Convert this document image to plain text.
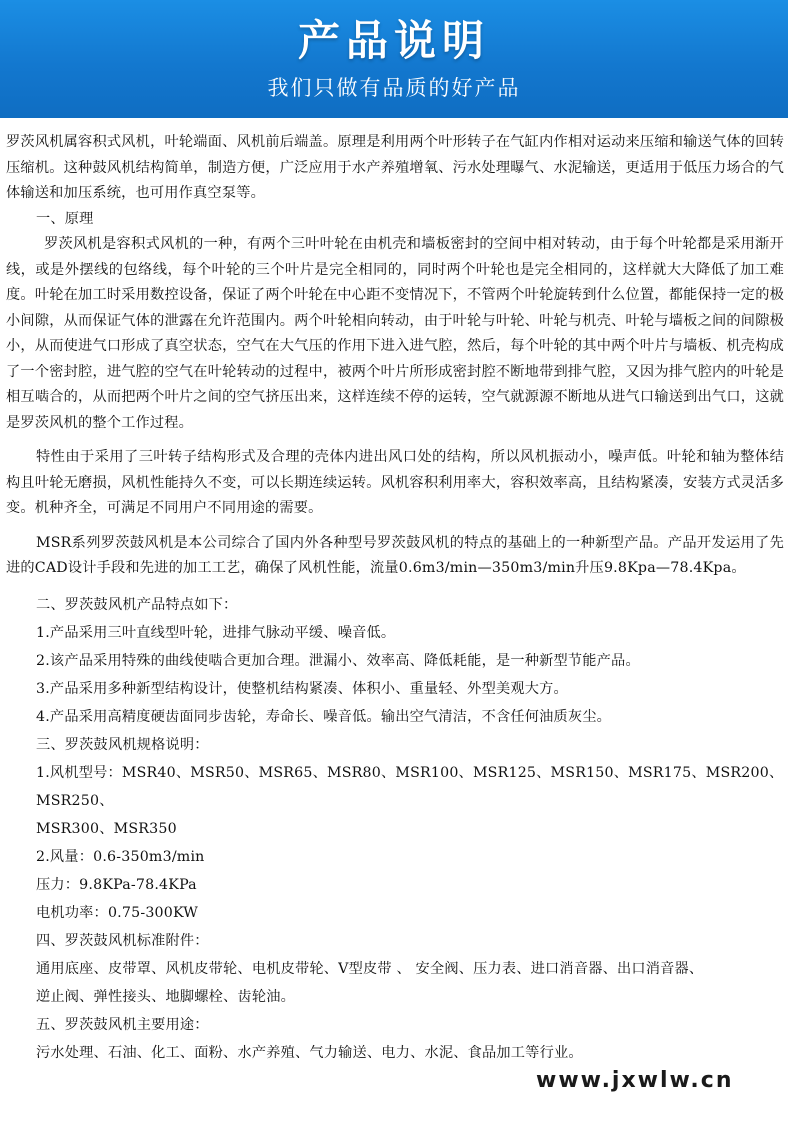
产品说明
我们只做有品质的好产品

罗茨风机属容积式风机，叶轮端面、风机前后端盖。原理是利用两个叶形转子在气缸内作相对运动来压缩和输送气体的回转压缩机。这种鼓风机结构简单，制造方便，广泛应用于水产养殖增氧、污水处理曝气、水泥输送，更适用于低压力场合的气体输送和加压系统，也可用作真空泵等。

一、原理

罗茨风机是容积式风机的一种，有两个三叶叶轮在由机壳和墙板密封的空间中相对转动，由于每个叶轮都是采用渐开线，或是外摆线的包络线，每个叶轮的三个叶片是完全相同的，同时两个叶轮也是完全相同的，这样就大大降低了加工难度。叶轮在加工时采用数控设备，保证了两个叶轮在中心距不变情况下，不管两个叶轮旋转到什么位置，都能保持一定的极小间隙，从而保证气体的泄露在允许范围内。两个叶轮相向转动，由于叶轮与叶轮、叶轮与机壳、叶轮与墙板之间的间隙极小，从而使进气口形成了真空状态，空气在大气压的作用下进入进气腔，然后，每个叶轮的其中两个叶片与墙板、机壳构成了一个密封腔，进气腔的空气在叶轮转动的过程中，被两个叶片所形成密封腔不断地带到排气腔，又因为排气腔内的叶轮是相互啮合的，从而把两个叶片之间的空气挤压出来，这样连续不停的运转，空气就源源不断地从进气口输送到出气口，这就是罗茨风机的整个工作过程。

特性由于采用了三叶转子结构形式及合理的壳体内进出风口处的结构，所以风机振动小，噪声低。叶轮和轴为整体结构且叶轮无磨损，风机性能持久不变，可以长期连续运转。风机容积利用率大，容积效率高，且结构紧凑，安装方式灵活多变。机种齐全，可满足不同用户不同用途的需要。

MSR系列罗茨鼓风机是本公司综合了国内外各种型号罗茨鼓风机的特点的基础上的一种新型产品。产品开发运用了先进的CAD设计手段和先进的加工工艺，确保了风机性能，流量0.6m3/min—350m3/min升压9.8Kpa—78.4Kpa。

二、罗茨鼓风机产品特点如下：

1.产品采用三叶直线型叶轮，进排气脉动平缓、噪音低。

2.该产品采用特殊的曲线使啮合更加合理。泄漏小、效率高、降低耗能，是一种新型节能产品。

3.产品采用多种新型结构设计，使整机结构紧凑、体积小、重量轻、外型美观大方。

4.产品采用高精度硬齿面同步齿轮，寿命长、噪音低。输出空气清洁，不含任何油质灰尘。

三、罗茨鼓风机规格说明：

1.风机型号：MSR40、MSR50、MSR65、MSR80、MSR100、MSR125、MSR150、MSR175、MSR200、MSR250、

MSR300、MSR350

2.风量：0.6-350m3/min

压力：9.8KPa-78.4KPa

电机功率：0.75-300KW

四、罗茨鼓风机标准附件：

通用底座、皮带罩、风机皮带轮、电机皮带轮、V型皮带 、 安全阀、压力表、进口消音器、出口消音器、

逆止阀、弹性接头、地脚螺栓、齿轮油。

五、罗茨鼓风机主要用途：

污水处理、石油、化工、面粉、水产养殖、气力输送、电力、水泥、食品加工等行业。

www.jxwlw.cn
